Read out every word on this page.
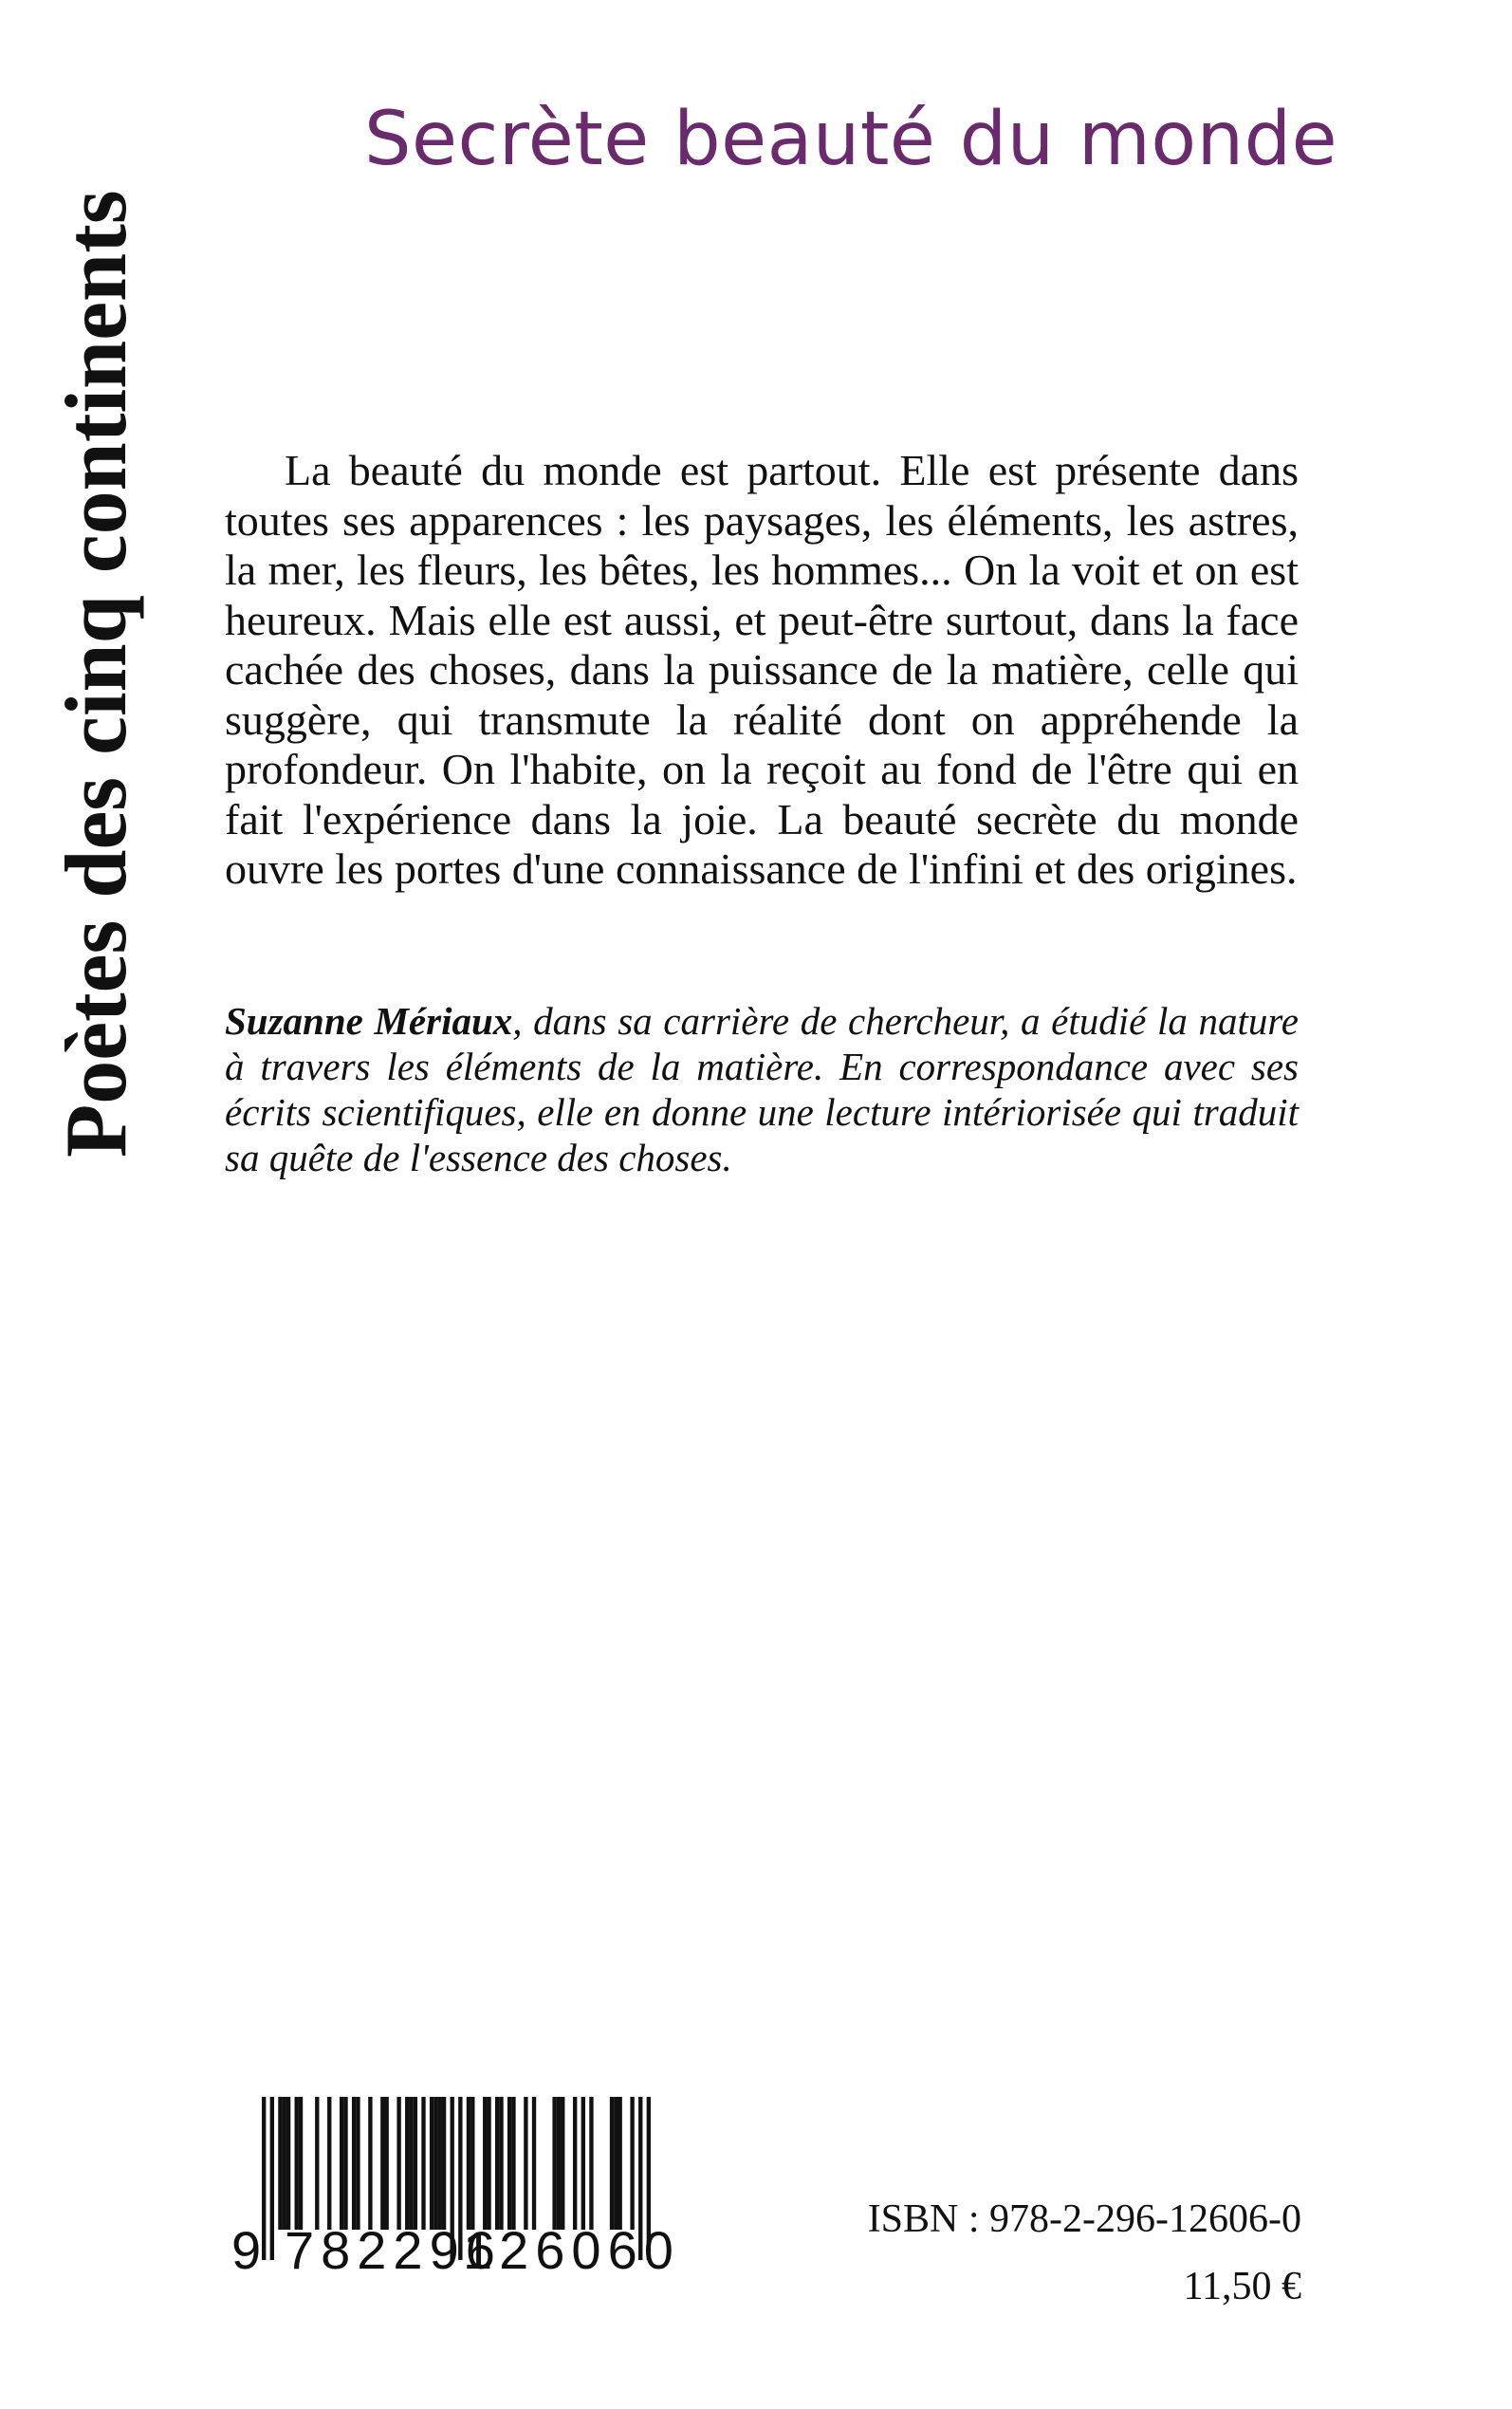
Poètes des cinq continents
Secrète beauté du monde

La beauté du monde est partout. Elle est présente dans toutes ses apparences : les paysages, les éléments, les astres, la mer, les fleurs, les bêtes, les hommes... On la voit et on est heureux. Mais elle est aussi, et peut-être surtout, dans la face cachée des choses, dans la puissance de la matière, celle qui suggère, qui transmute la réalité dont on appréhende la profondeur. On l'habite, on la reçoit au fond de l'être qui en fait l'expérience dans la joie. La beauté secrète du monde ouvre les portes d'une connaissance de l'infini et des origines.

Suzanne Mériaux, dans sa carrière de chercheur, a étudié la nature à travers les éléments de la matière. En correspondance avec ses écrits scientifiques, elle en donne une lecture intériorisée qui traduit sa quête de l'essence des choses.

9 782296
126060
ISBN : 978-2-296-12606-0
11,50 €
